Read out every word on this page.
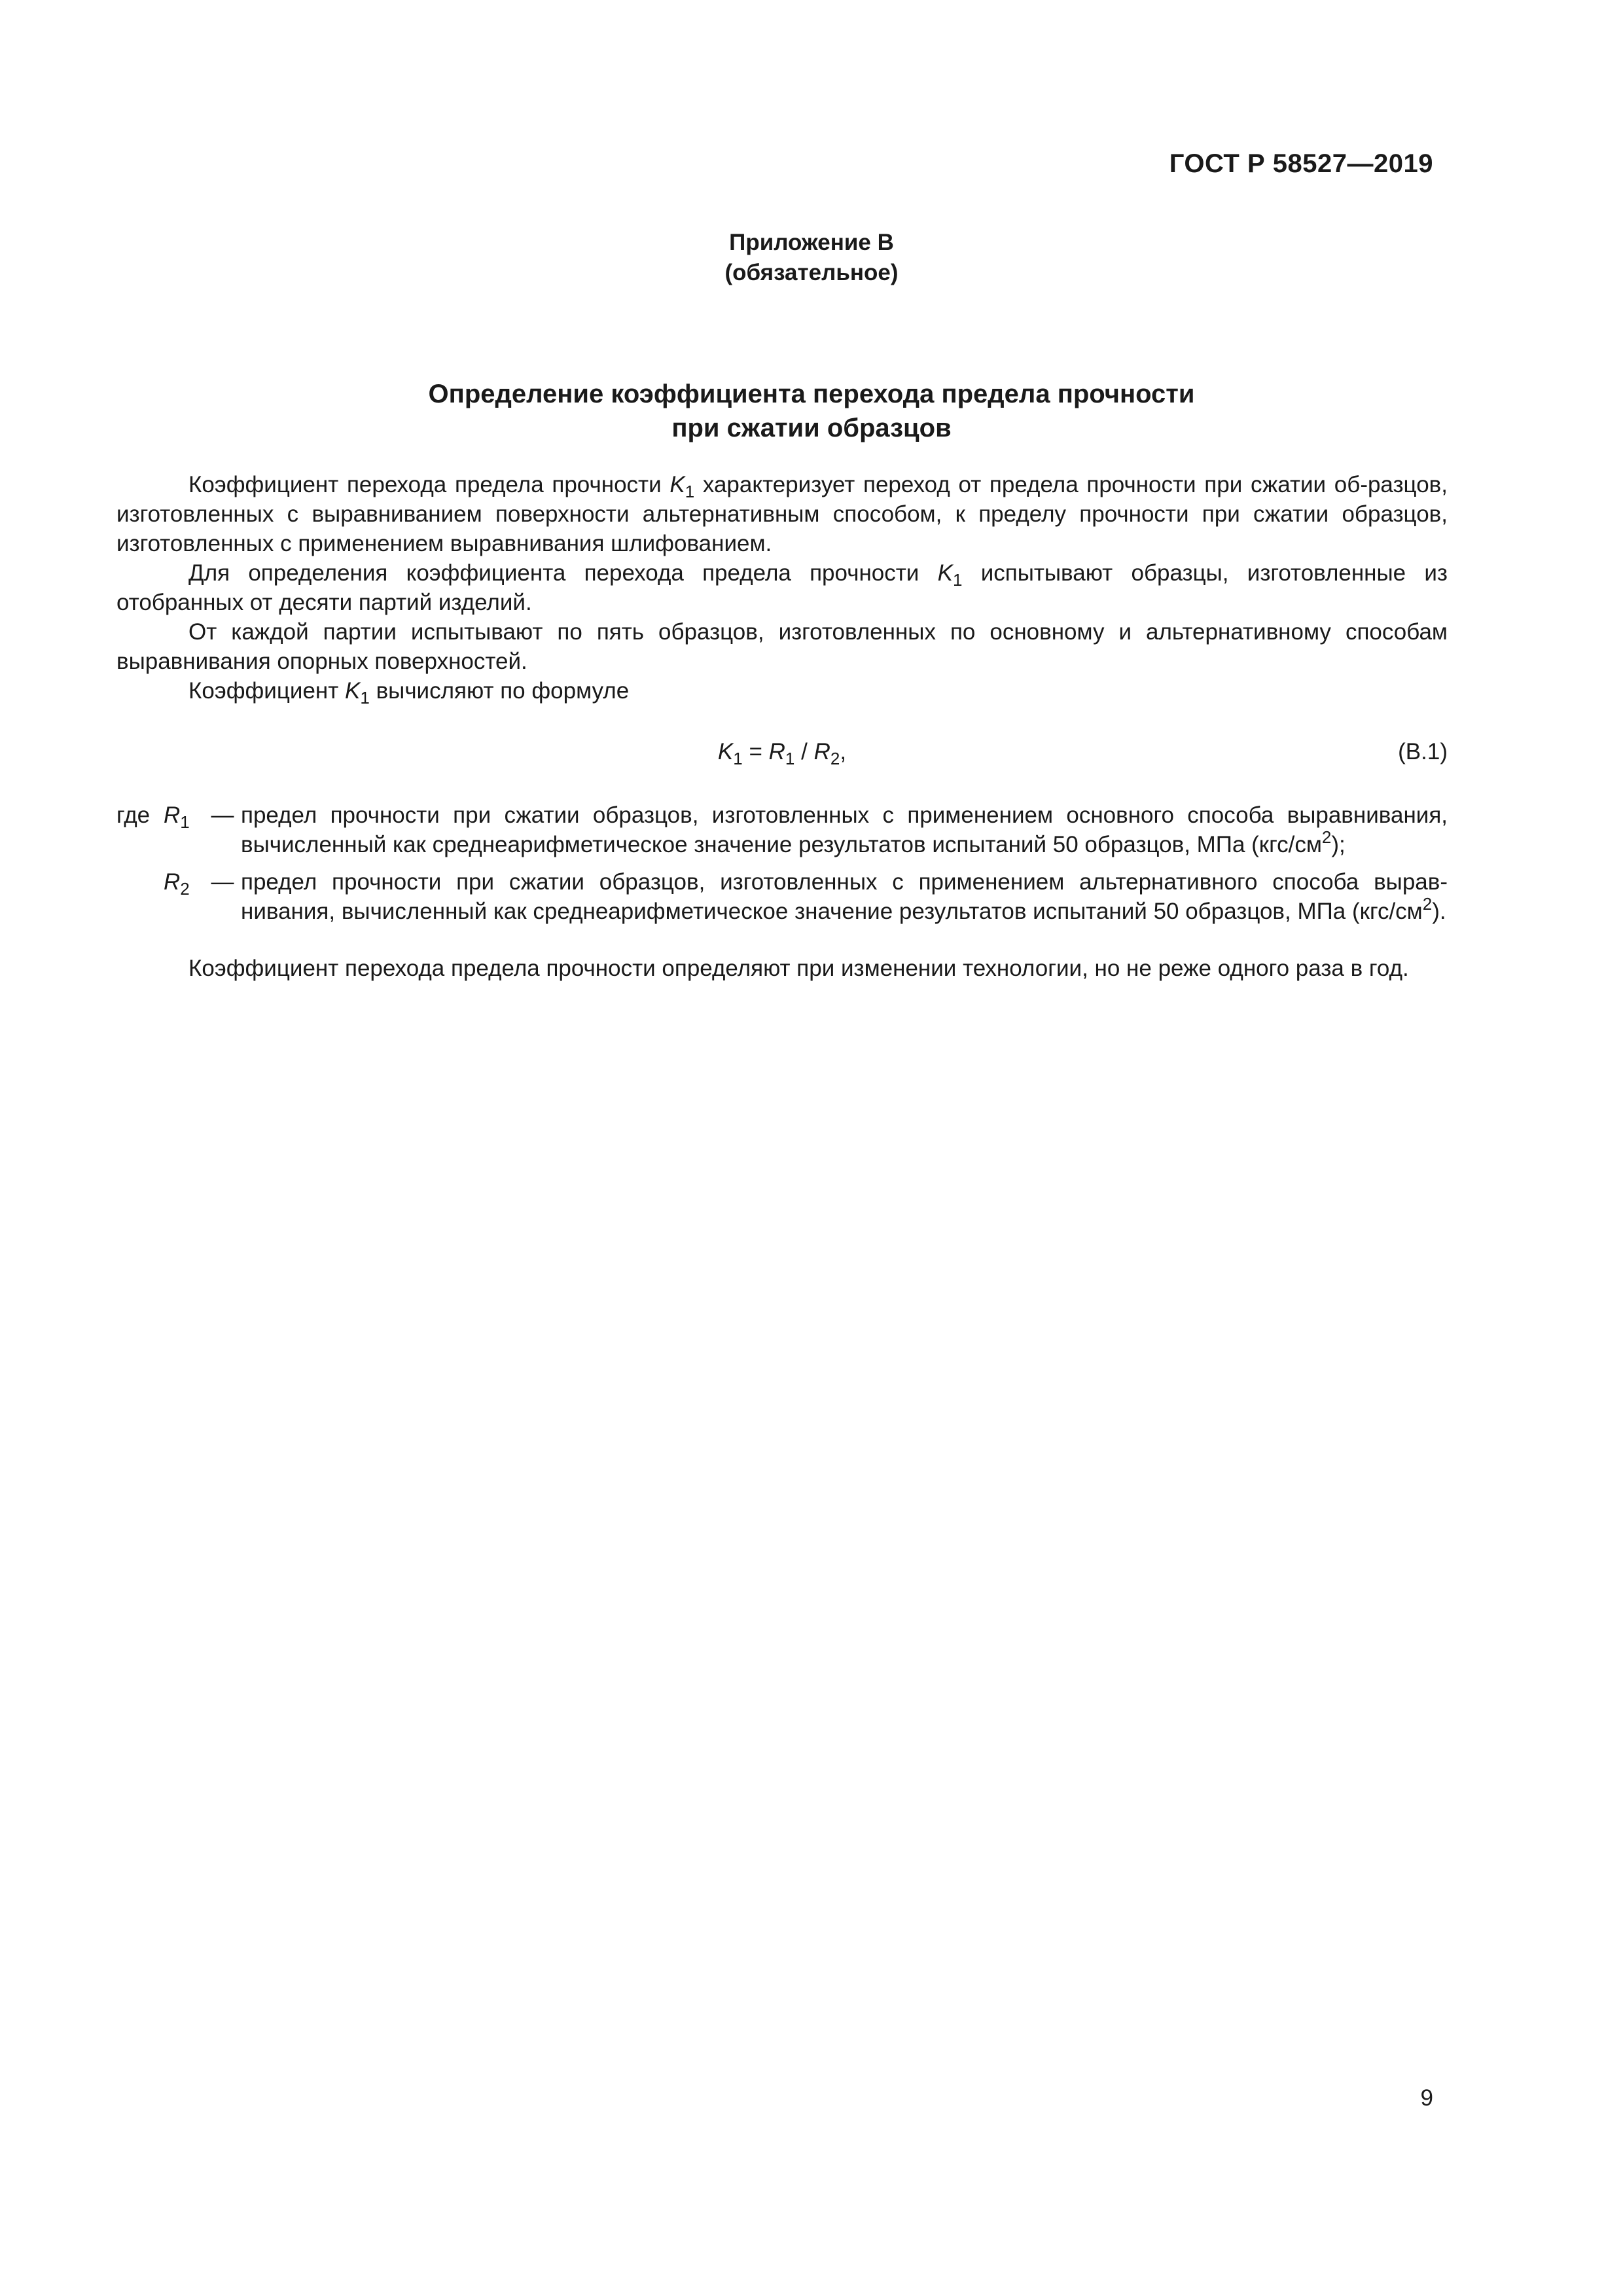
ГОСТ Р 58527—2019
Приложение В
(обязательное)
Определение коэффициента перехода предела прочности
при сжатии образцов

Коэффициент перехода предела прочности $K_1$ характеризует переход от предела прочности при сжатии об-разцов, изготовленных с выравниванием поверхности альтернативным способом, к пределу прочности при сжатии образцов, изготовленных с применением выравнивания шлифованием.

Для определения коэффициента перехода предела прочности $K_1$ испытывают образцы, изготовленные из отобранных от десяти партий изделий.

От каждой партии испытывают по пять образцов, изготовленных по основному и альтернативному способам выравнивания опорных поверхностей.

Коэффициент $K_1$ вычисляют по формуле

$K_1 = R_1 / R_2$,	(В.1)
где $R_1$ — предел прочности при сжатии образцов, изготовленных с применением основного способа выравнивания, вычисленный как среднеарифметическое значение результатов испытаний 50 образцов, МПа $(кгс/см^2)$;
$R_2$ — предел прочности при сжатии образцов, изготовленных с применением альтернативного способа вырав-нивания, вычисленный как среднеарифметическое значение результатов испытаний 50 образцов, МПа $(кгс/см^2)$.

Коэффициент перехода предела прочности определяют при изменении технологии, но не реже одного раза в год.

9
